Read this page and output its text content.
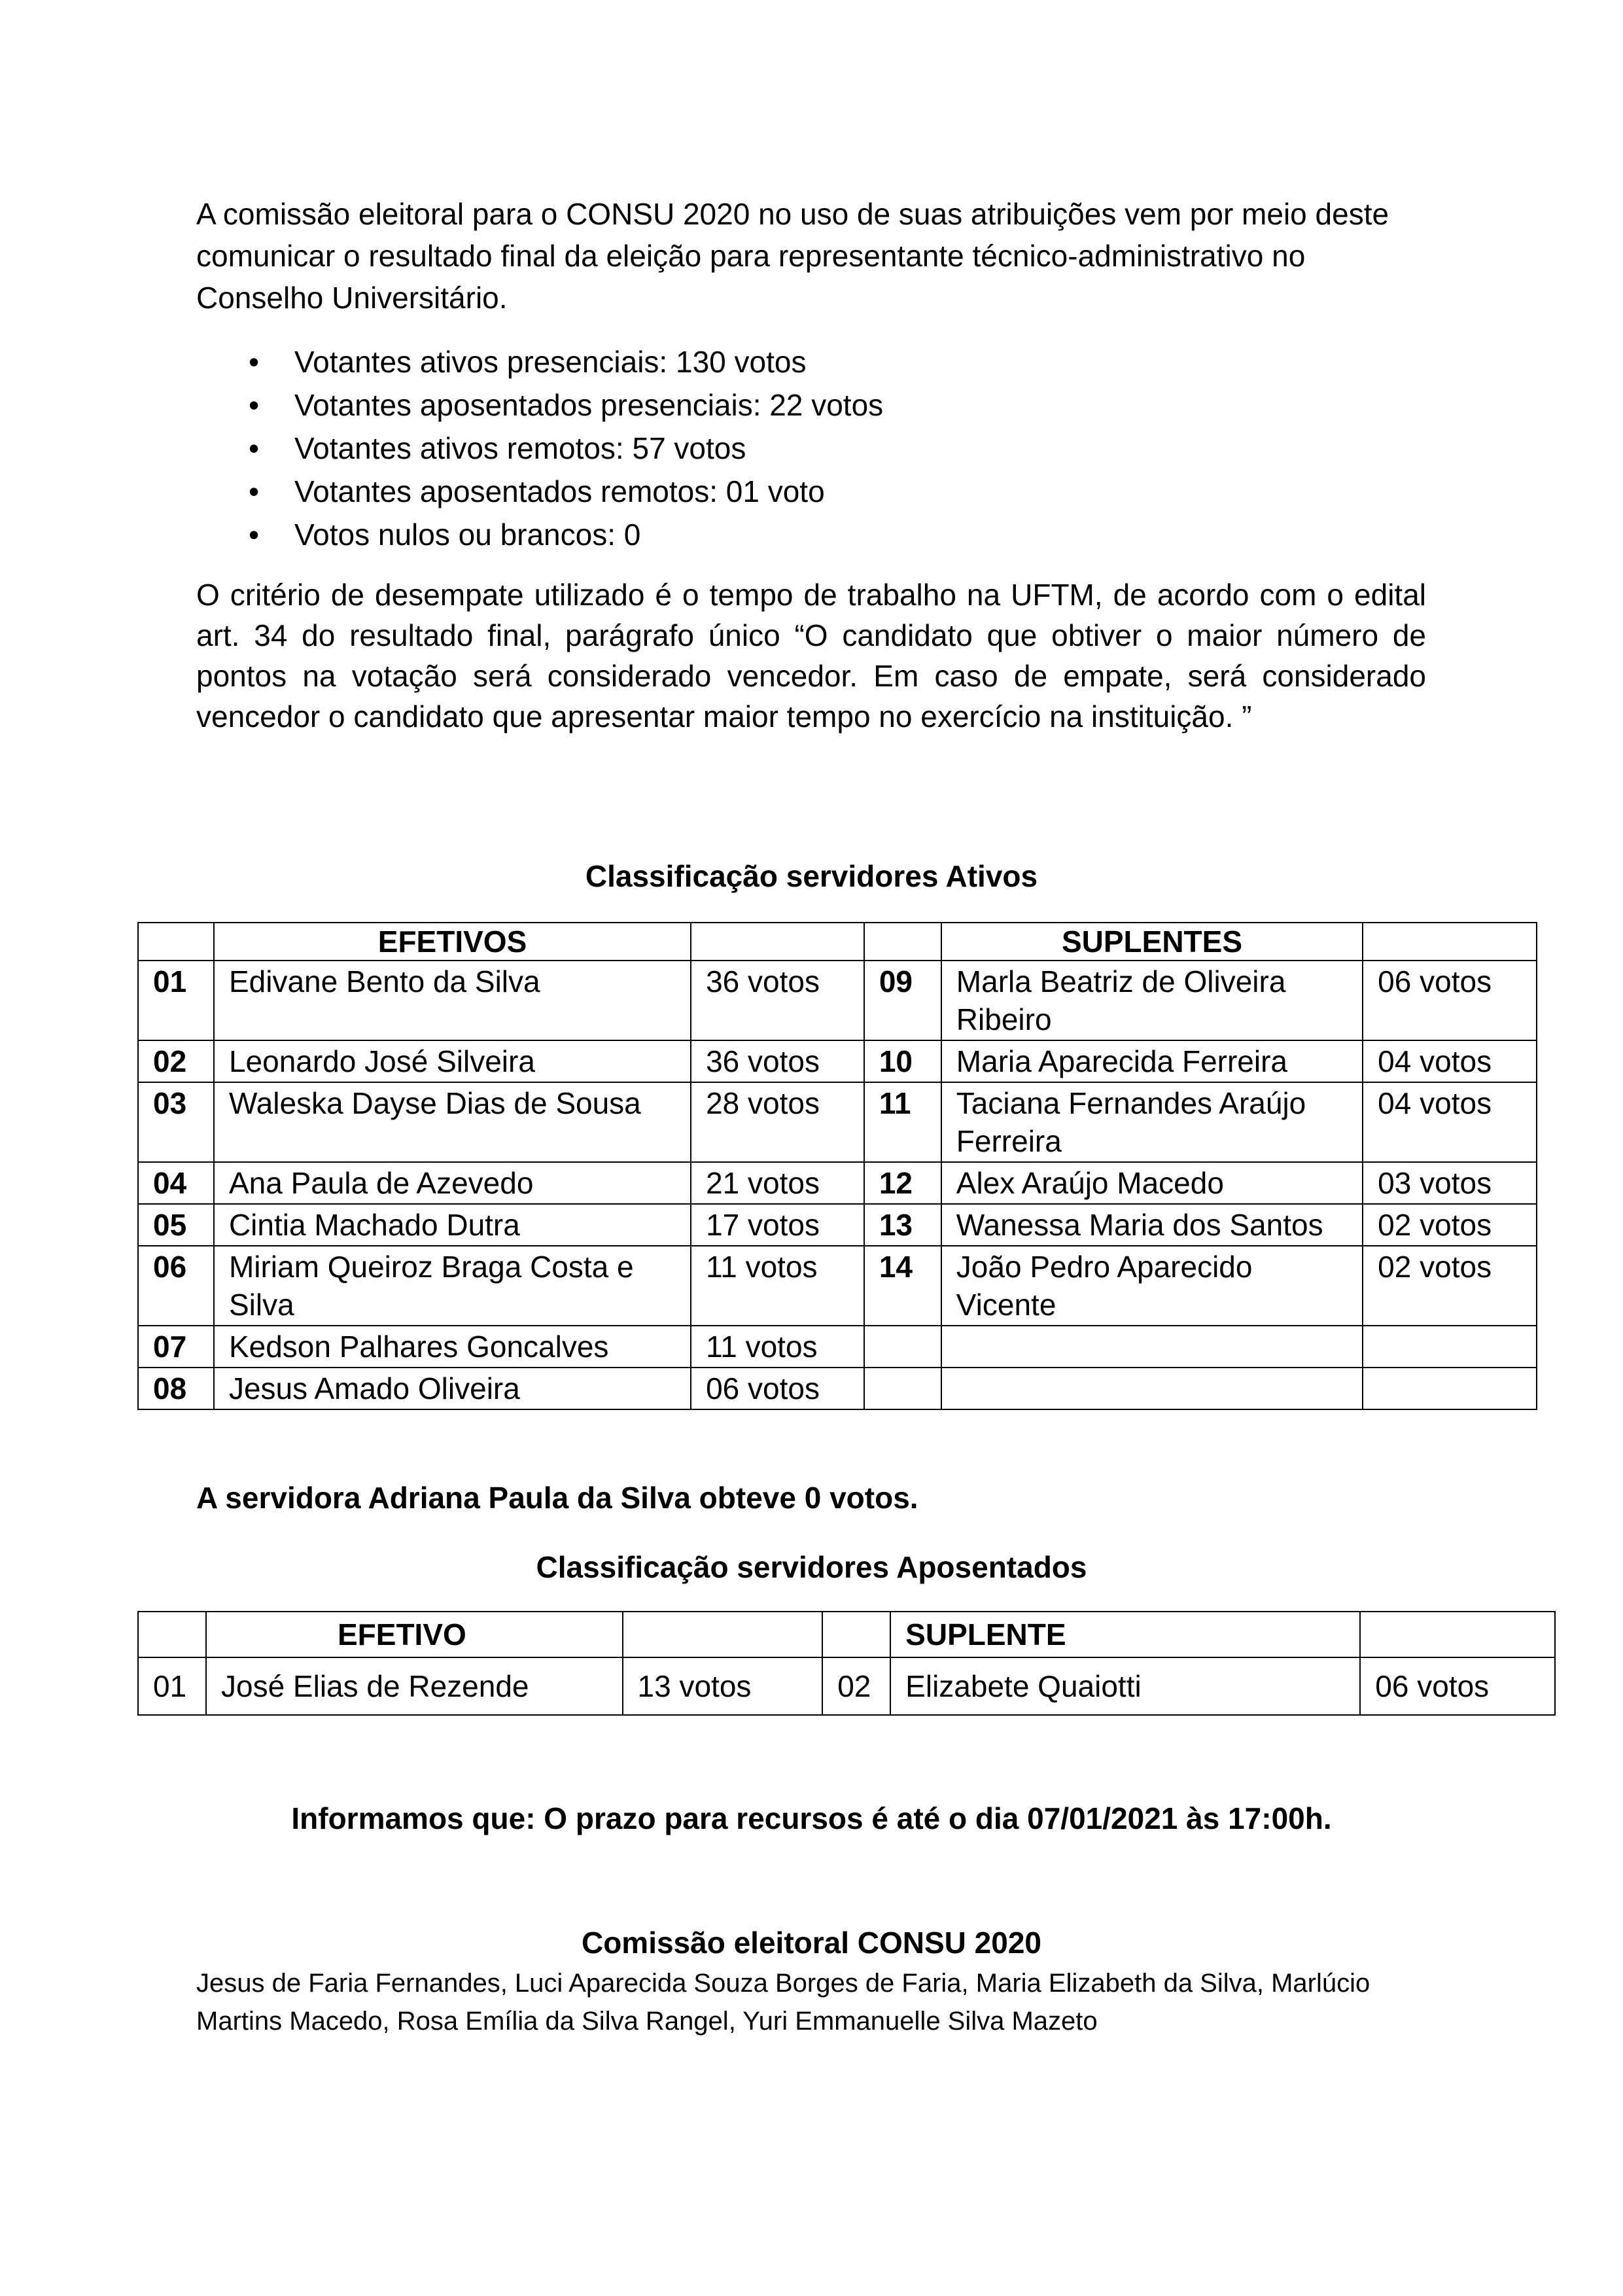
A comissão eleitoral para o CONSU 2020 no uso de suas atribuições vem por meio deste comunicar o resultado final da eleição para representante técnico-administrativo no Conselho Universitário.

• Votantes ativos presenciais: 130 votos
• Votantes aposentados presenciais: 22 votos
• Votantes ativos remotos: 57 votos
• Votantes aposentados remotos: 01 voto
• Votos nulos ou brancos: 0

O critério de desempate utilizado é o tempo de trabalho na UFTM, de acordo com o edital art. 34 do resultado final, parágrafo único “O candidato que obtiver o maior número de pontos na votação será considerado vencedor. Em caso de empate, será considerado vencedor o candidato que apresentar maior tempo no exercício na instituição. ”

Classificação servidores Ativos
	EFETIVOS			SUPLENTES	
01	Edivane Bento da Silva	36 votos	09	Marla Beatriz de Oliveira Ribeiro	06 votos
02	Leonardo José Silveira	36 votos	10	Maria Aparecida Ferreira	04 votos
03	Waleska Dayse Dias de Sousa	28 votos	11	Taciana Fernandes Araújo Ferreira	04 votos
04	Ana Paula de Azevedo	21 votos	12	Alex Araújo Macedo	03 votos
05	Cintia Machado Dutra	17 votos	13	Wanessa Maria dos Santos	02 votos
06	Miriam Queiroz Braga Costa e Silva	11 votos	14	João Pedro Aparecido Vicente	02 votos
07	Kedson Palhares Goncalves	11 votos			
08	Jesus Amado Oliveira	06 votos			

A servidora Adriana Paula da Silva obteve 0 votos.

Classificação servidores Aposentados
	EFETIVO			SUPLENTE	
01	José Elias de Rezende	13 votos	02	Elizabete Quaiotti	06 votos
Informamos que: O prazo para recursos é até o dia 07/01/2021 às 17:00h.
Comissão eleitoral CONSU 2020

Jesus de Faria Fernandes, Luci Aparecida Souza Borges de Faria, Maria Elizabeth da Silva, Marlúcio Martins Macedo, Rosa Emília da Silva Rangel, Yuri Emmanuelle Silva Mazeto
